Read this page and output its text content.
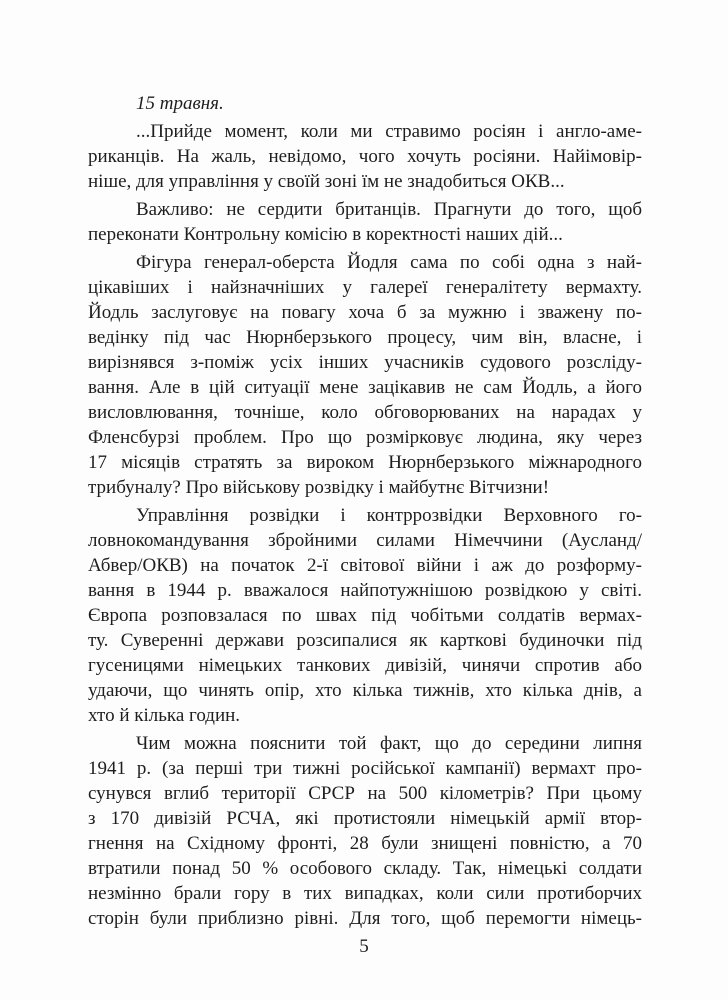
15 травня.
...Прийде момент, коли ми стравимо росіян і англо-аме-
риканців. На жаль, невідомо, чого хочуть росіяни. Найімовір-
ніше, для управління у своїй зоні їм не знадобиться ОКВ...
Важливо: не сердити британців. Прагнути до того, щоб
переконати Контрольну комісію в коректності наших дій...
Фігура генерал-оберста Йодля сама по собі одна з най-
цікавіших і найзначніших у галереї генералітету вермахту.
Йодль заслуговує на повагу хоча б за мужню і зважену по-
ведінку під час Нюрнберзького процесу, чим він, власне, і
вирізнявся з-поміж усіх інших учасників судового розсліду-
вання. Але в цій ситуації мене зацікавив не сам Йодль, а його
висловлювання, точніше, коло обговорюваних на нарадах у
Фленсбурзі проблем. Про що розмірковує людина, яку через
17 місяців стратять за вироком Нюрнберзького міжнародного
трибуналу? Про військову розвідку і майбутнє Вітчизни!
Управління розвідки і контррозвідки Верховного го-
ловнокомандування збройними силами Німеччини (Аусланд/
Абвер/ОКВ) на початок 2-ї світової війни і аж до розформу-
вання в 1944 р. вважалося найпотужнішою розвідкою у світі.
Європа розповзалася по швах під чобітьми солдатів вермах-
ту. Суверенні держави розсипалися як карткові будиночки під
гусеницями німецьких танкових дивізій, чинячи спротив або
удаючи, що чинять опір, хто кілька тижнів, хто кілька днів, а
хто й кілька годин.
Чим можна пояснити той факт, що до середини липня
1941 р. (за перші три тижні російської кампанії) вермахт про-
сунувся вглиб території СРСР на 500 кілометрів? При цьому
з 170 дивізій РСЧА, які протистояли німецькій армії втор-
гнення на Східному фронті, 28 були знищені повністю, а 70
втратили понад 50 % особового складу. Так, німецькі солдати
незмінно брали гору в тих випадках, коли сили протиборчих
сторін були приблизно рівні. Для того, щоб перемогти німець-
5
